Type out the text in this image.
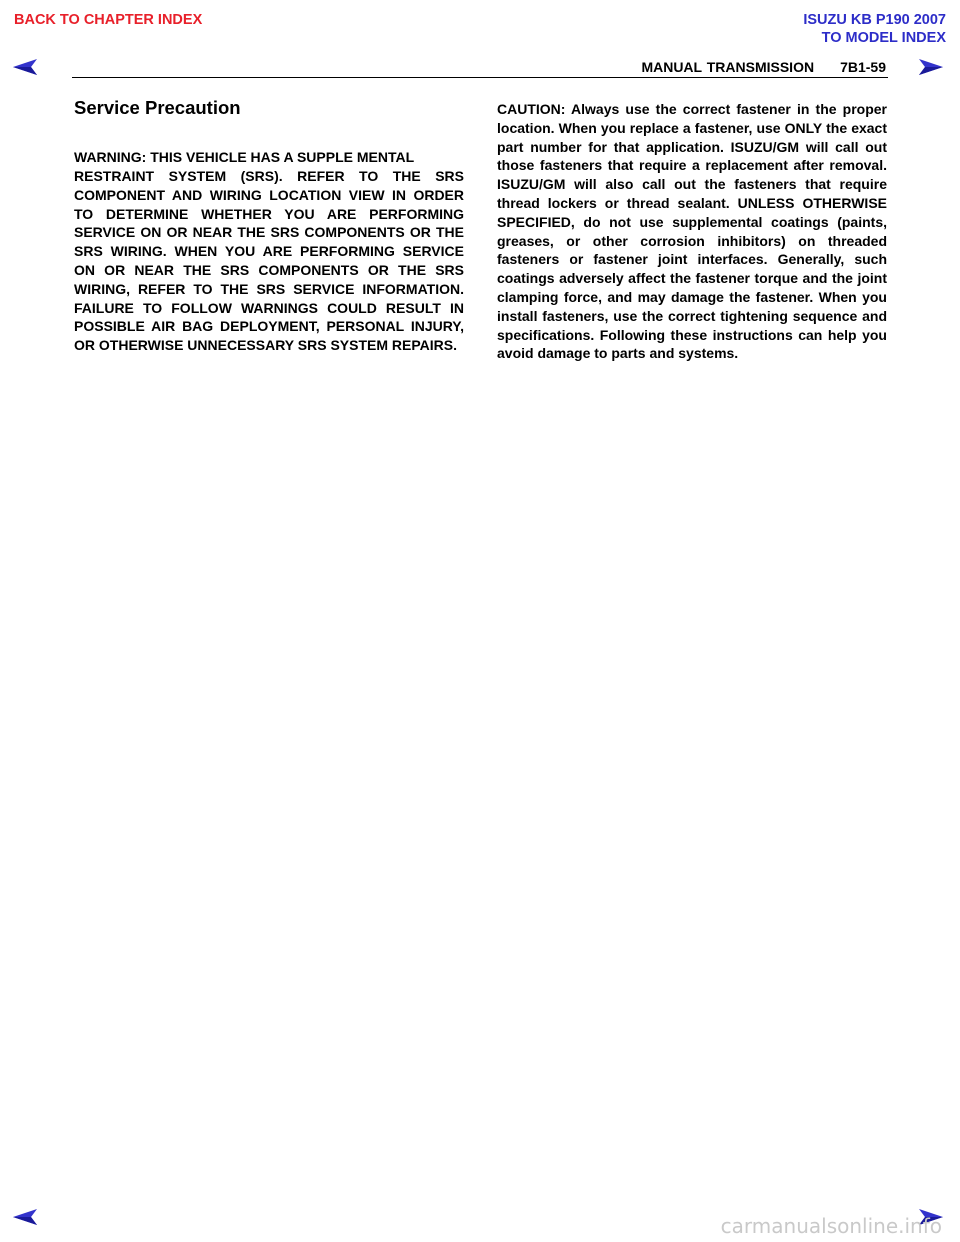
BACK TO CHAPTER INDEX	ISUZU KB P190 2007
TO MODEL INDEX
MANUAL TRANSMISSION 7B1-59
Service Precaution

WARNING: THIS VEHICLE HAS A SUPPLE MENTAL

RESTRAINT SYSTEM (SRS). REFER TO THE SRS COMPONENT AND WIRING LOCATION VIEW IN ORDER TO DETERMINE WHETHER YOU ARE PERFORMING SERVICE ON OR NEAR THE SRS COMPONENTS OR THE SRS WIRING. WHEN YOU ARE PERFORMING SERVICE ON OR NEAR THE SRS COMPONENTS OR THE SRS WIRING, REFER TO THE SRS SERVICE INFORMATION. FAILURE TO FOLLOW WARNINGS COULD RESULT IN POSSIBLE AIR BAG DEPLOYMENT, PERSONAL INJURY, OR OTHERWISE UNNECESSARY SRS SYSTEM REPAIRS.

CAUTION: Always use the correct fastener in the proper location. When you replace a fastener, use ONLY the exact part number for that application. ISUZU/GM will call out those fasteners that require a replacement after removal. ISUZU/GM will also call out the fasteners that require thread lockers or thread sealant. UNLESS OTHERWISE SPECIFIED, do not use supplemental coatings (paints, greases, or other corrosion inhibitors) on threaded fasteners or fastener joint interfaces. Generally, such coatings adversely affect the fastener torque and the joint clamping force, and may damage the fastener. When you install fasteners, use the correct tightening sequence and specifications. Following these instructions can help you avoid damage to parts and systems.

carmanualsonline.info
